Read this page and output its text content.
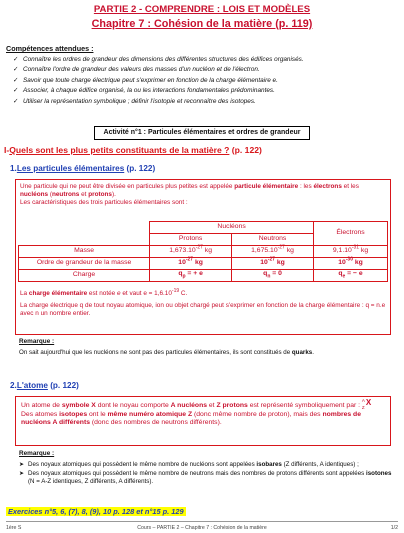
PARTIE 2 - COMPRENDRE : LOIS ET MODÈLES
Chapitre 7 : Cohésion de la matière (p. 119)
Compétences attendues :
✓ Connaître les ordres de grandeur des dimensions des différentes structures des édifices organisés.
✓ Connaître l'ordre de grandeur des valeurs des masses d'un nucléon et de l'électron.
✓ Savoir que toute charge électrique peut s'exprimer en fonction de la charge élémentaire e.
✓ Associer, à chaque édifice organisé, la ou les interactions fondamentales prédominantes.
✓ Utiliser la représentation symbolique ; définir l'isotopie et reconnaître des isotopes.
Activité n°1 : Particules élémentaires et ordres de grandeur
I-Quels sont les plus petits constituants de la matière ? (p. 122)
1.Les particules élémentaires (p. 122)

Une particule qui ne peut être divisée en particules plus petites est appelée particule élémentaire : les électrons et les nucléons (neutrons et protons).

Les caractéristiques des trois particules élémentaires sont :

	Nucléons		Électrons
	Protons	Neutrons	
Masse	$1,673.10^{-27}$ kg	$1,675.10^{-27}$ kg	$9,1.10^{-31}$ kg
Ordre de grandeur de la masse	$10^{-27}$ kg	$10^{-27}$ kg	$10^{-30}$ kg
Charge	$q_p$ = + e	$q_n = 0$	$q_e$ = − e

La charge élémentaire est notée e et vaut $e = 1,6.10^{-19}$ C.

La charge électrique q de tout noyau atomique, ion ou objet chargé peut s'exprimer en fonction de la charge élémentaire : q = n.e avec n un nombre entier.

Remarque :
On sait aujourd'hui que les nucléons ne sont pas des particules élémentaires, ils sont constitués de quarks.
2.L'atome (p. 122)

Un atome de symbole X dont le noyau comporte A nucléons et Z protons est représenté symboliquement par :
A
Z
X

Des atomes isotopes ont le même numéro atomique Z (donc même nombre de proton), mais des nombres de nucléons A différents (donc des nombres de neutrons différents).

Remarque :
➤ Des noyaux atomiques qui possèdent le même nombre de nucléons sont appelées isobares (Z différents, A identiques) ;
➤ Des noyaux atomiques qui possèdent le même nombre de neutrons mais des nombres de protons différents sont appelées isotones (N = A-Z identiques, Z différents, A différents).
Exercices n°5, 6, (7), 8, (9), 10 p. 128 et n°15 p. 129
1ère S	Cours – PARTIE 2 – Chapitre 7 : Cohésion de la matière	1/2
